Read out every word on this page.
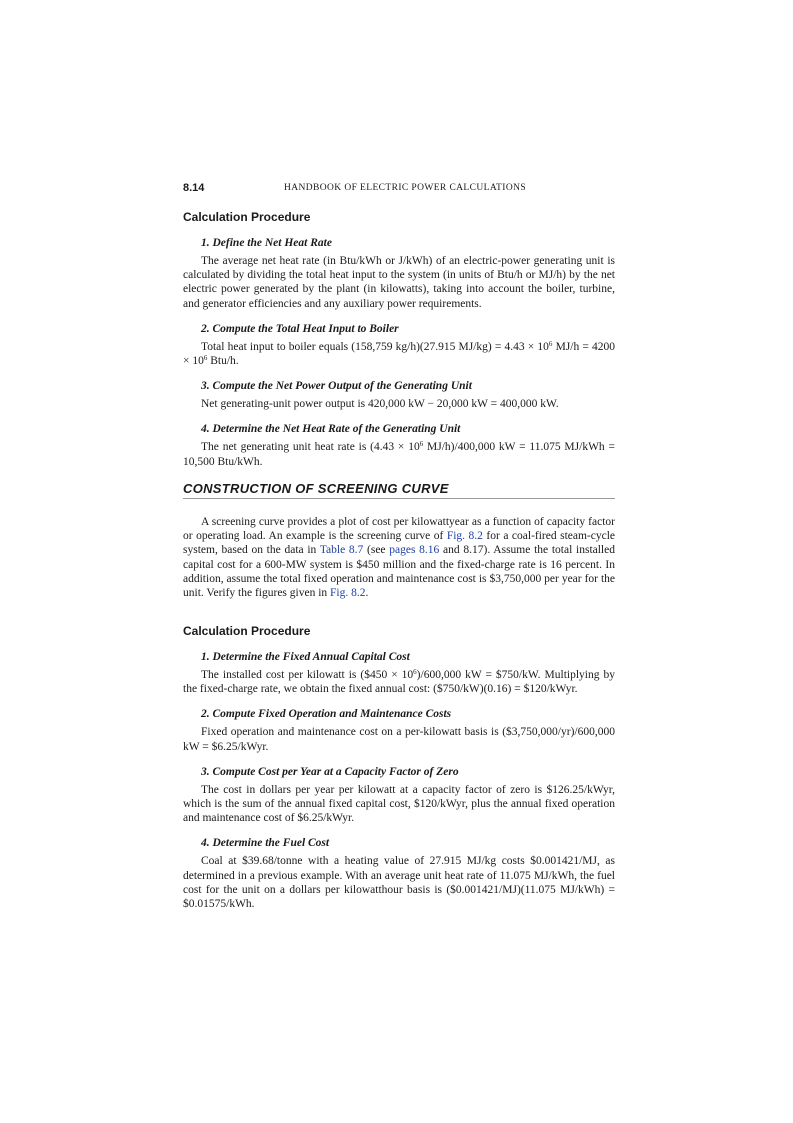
8.14	HANDBOOK OF ELECTRIC POWER CALCULATIONS
Calculation Procedure
1. Define the Net Heat Rate

The average net heat rate (in Btu/kWh or J/kWh) of an electric-power generating unit is calculated by dividing the total heat input to the system (in units of Btu/h or MJ/h) by the net electric power generated by the plant (in kilowatts), taking into account the boiler, turbine, and generator efficiencies and any auxiliary power requirements.

2. Compute the Total Heat Input to Boiler

Total heat input to boiler equals (158,759 kg/h)(27.915 $MJ/kg) = 4.43 \times 10^6$ $MJ/h = 4200 \times 10^6$ Btu/h.

3. Compute the Net Power Output of the Generating Unit

Net generating-unit power output is 420,000 kW − 20,000 kW = 400,000 kW.

4. Determine the Net Heat Rate of the Generating Unit

The net generating unit heat rate is ($4.43 \times 10^6$ MJ/h)/400,000 kW = 11.075 MJ/kWh = 10,500 Btu/kWh.

CONSTRUCTION OF SCREENING CURVE

A screening curve provides a plot of cost per kilowattyear as a function of capacity factor or operating load. An example is the screening curve of Fig. 8.2 for a coal-fired steam-cycle system, based on the data in Table 8.7 (see pages 8.16 and 8.17). Assume the total installed capital cost for a 600-MW system is $450 million and the fixed-charge rate is 16 percent. In addition, assume the total fixed operation and maintenance cost is $3,750,000 per year for the unit. Verify the figures given in Fig. 8.2.

Calculation Procedure
1. Determine the Fixed Annual Capital Cost

The installed cost per kilowatt is ($450 × $10^6)/600,000$ kW = $750/kW. Multiplying by the fixed-charge rate, we obtain the fixed annual cost: ($750/kW)(0.16) = $120/kWyr.

2. Compute Fixed Operation and Maintenance Costs

Fixed operation and maintenance cost on a per-kilowatt basis is ($3,750,000/yr)/600,000 kW = $6.25/kWyr.

3. Compute Cost per Year at a Capacity Factor of Zero

The cost in dollars per year per kilowatt at a capacity factor of zero is $126.25/kWyr, which is the sum of the annual fixed capital cost, $120/kWyr, plus the annual fixed operation and maintenance cost of $6.25/kWyr.

4. Determine the Fuel Cost

Coal at $39.68/tonne with a heating value of 27.915 MJ/kg costs $0.001421/MJ, as determined in a previous example. With an average unit heat rate of 11.075 MJ/kWh, the fuel cost for the unit on a dollars per kilowatthour basis is ($0.001421/MJ)(11.075 MJ/kWh) = $0.01575/kWh.
